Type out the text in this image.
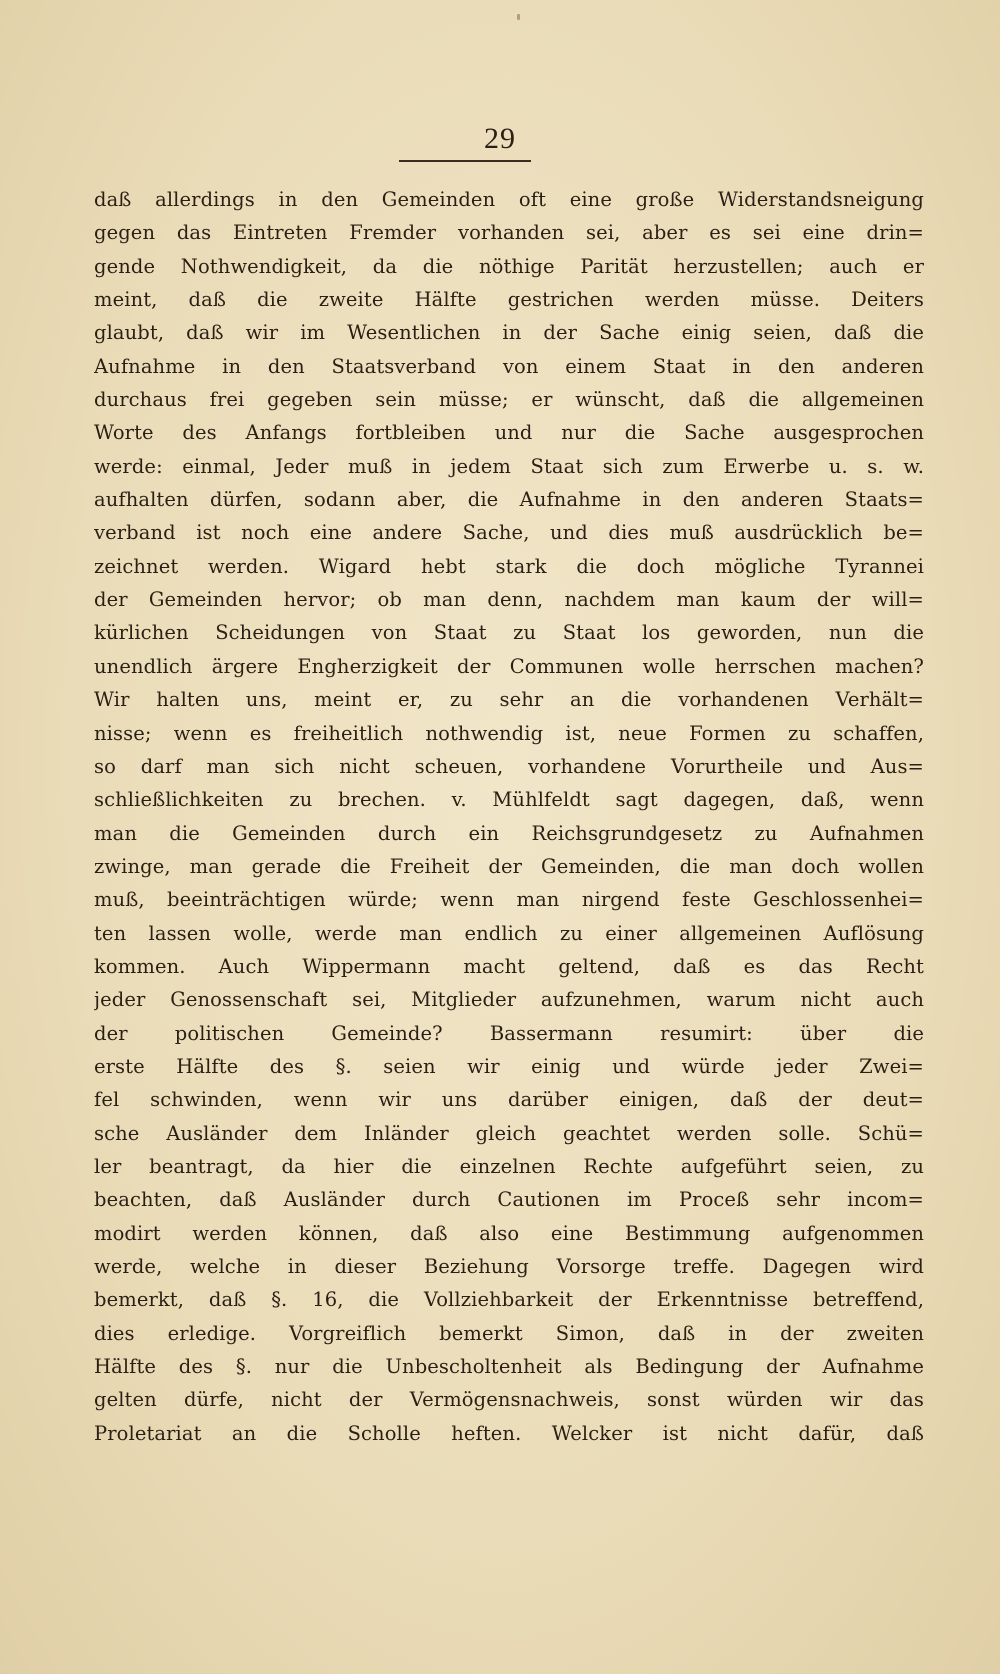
29
daß allerdings in den Gemeinden oft eine große Widerstandsneigung
gegen das Eintreten Fremder vorhanden sei, aber es sei eine drin=
gende Nothwendigkeit, da die nöthige Parität herzustellen; auch er
meint, daß die zweite Hälfte gestrichen werden müsse. Deiters
glaubt, daß wir im Wesentlichen in der Sache einig seien, daß die
Aufnahme in den Staatsverband von einem Staat in den anderen
durchaus frei gegeben sein müsse; er wünscht, daß die allgemeinen
Worte des Anfangs fortbleiben und nur die Sache ausgesprochen
werde: einmal, Jeder muß in jedem Staat sich zum Erwerbe u. s. w.
aufhalten dürfen, sodann aber, die Aufnahme in den anderen Staats=
verband ist noch eine andere Sache, und dies muß ausdrücklich be=
zeichnet werden. Wigard hebt stark die doch mögliche Tyrannei
der Gemeinden hervor; ob man denn, nachdem man kaum der will=
kürlichen Scheidungen von Staat zu Staat los geworden, nun die
unendlich ärgere Engherzigkeit der Communen wolle herrschen machen?
Wir halten uns, meint er, zu sehr an die vorhandenen Verhält=
nisse; wenn es freiheitlich nothwendig ist, neue Formen zu schaffen,
so darf man sich nicht scheuen, vorhandene Vorurtheile und Aus=
schließlichkeiten zu brechen. v. Mühlfeldt sagt dagegen, daß, wenn
man die Gemeinden durch ein Reichsgrundgesetz zu Aufnahmen
zwinge, man gerade die Freiheit der Gemeinden, die man doch wollen
muß, beeinträchtigen würde; wenn man nirgend feste Geschlossenhei=
ten lassen wolle, werde man endlich zu einer allgemeinen Auflösung
kommen. Auch Wippermann macht geltend, daß es das Recht
jeder Genossenschaft sei, Mitglieder aufzunehmen, warum nicht auch
der politischen Gemeinde? Bassermann resumirt: über die
erste Hälfte des §. seien wir einig und würde jeder Zwei=
fel schwinden, wenn wir uns darüber einigen, daß der deut=
sche Ausländer dem Inländer gleich geachtet werden solle. Schü=
ler beantragt, da hier die einzelnen Rechte aufgeführt seien, zu
beachten, daß Ausländer durch Cautionen im Proceß sehr incom=
modirt werden können, daß also eine Bestimmung aufgenommen
werde, welche in dieser Beziehung Vorsorge treffe. Dagegen wird
bemerkt, daß §. 16, die Vollziehbarkeit der Erkenntnisse betreffend,
dies erledige. Vorgreiflich bemerkt Simon, daß in der zweiten
Hälfte des §. nur die Unbescholtenheit als Bedingung der Aufnahme
gelten dürfe, nicht der Vermögensnachweis, sonst würden wir das
Proletariat an die Scholle heften. Welcker ist nicht dafür, daß
